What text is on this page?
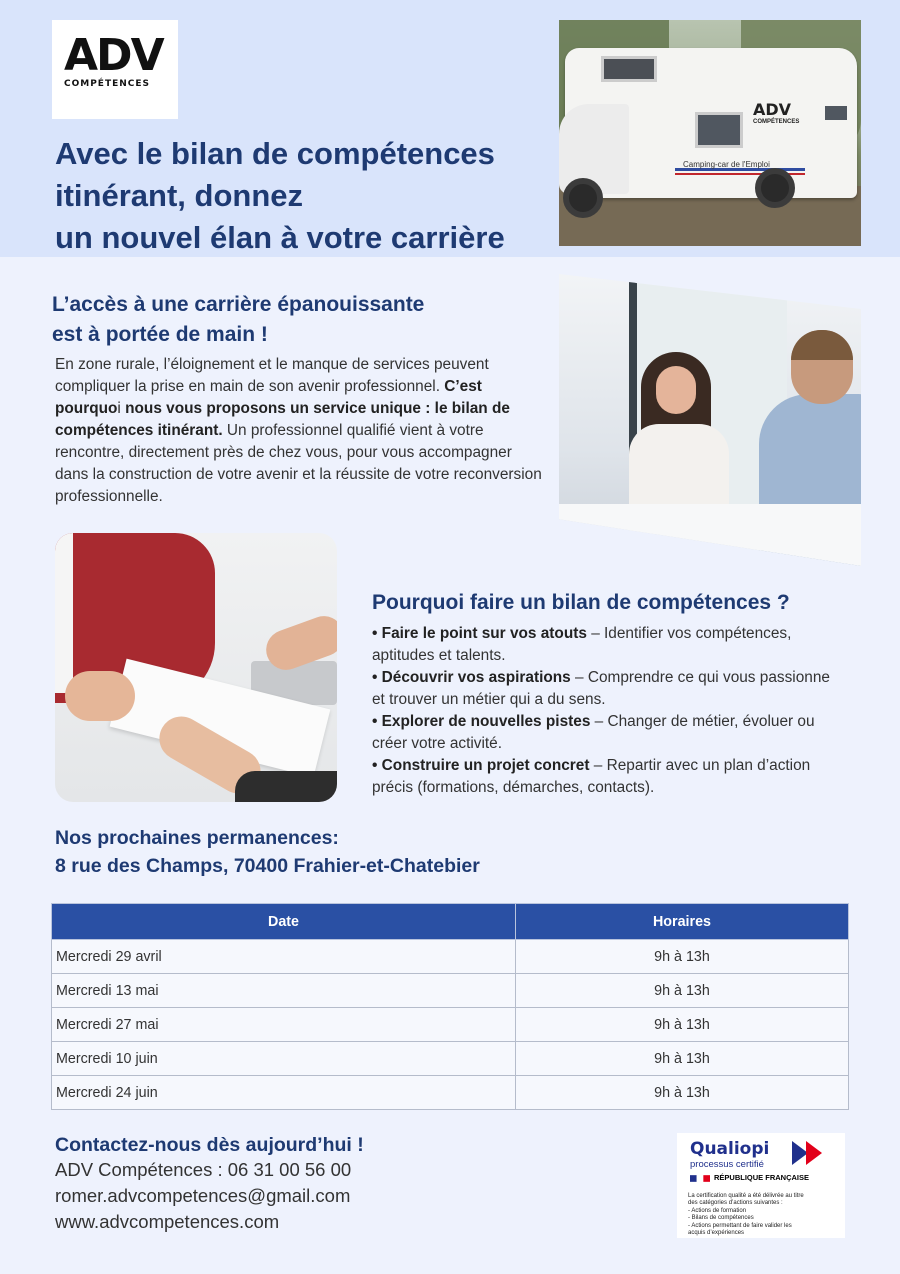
ADV
COMPÉTENCES
Avec le bilan de compétences
itinérant, donnez
un nouvel élan à votre carrière
ADV
COMPÉTENCES
Camping-car de l'Emploi
L’accès à une carrière épanouissante
est à portée de main !

En zone rurale, l’éloignement et le manque de services peuvent compliquer la prise en main de son avenir professionnel. C’est pourquoi nous vous proposons un service unique : le bilan de compétences itinérant. Un professionnel qualifié vient à votre rencontre, directement près de chez vous, pour vous accompagner dans la construction de votre avenir et la réussite de votre reconversion professionnelle.

Pourquoi faire un bilan de compétences ?
• Faire le point sur vos atouts – Identifier vos compétences, aptitudes et talents.
• Découvrir vos aspirations – Comprendre ce qui vous passionne et trouver un métier qui a du sens.
• Explorer de nouvelles pistes – Changer de métier, évoluer ou créer votre activité.
• Construire un projet concret – Repartir avec un plan d’action précis (formations, démarches, contacts).
Nos prochaines permanences:
8 rue des Champs, 70400 Frahier-et-Chatebier
Date	Horaires
Mercredi 29 avril	9h à 13h
Mercredi 13 mai	9h à 13h
Mercredi 27 mai	9h à 13h
Mercredi 10 juin	9h à 13h
Mercredi 24 juin	9h à 13h
Contactez-nous dès aujourd’hui !
ADV Compétences : 06 31 00 56 00
romer.advcompetences@gmail.com
www.advcompetences.com
Qualiopi
processus certifié
RÉPUBLIQUE FRANÇAISE
La certification qualité a été délivrée au titre
des catégories d’actions suivantes :
- Actions de formation
- Bilans de compétences
- Actions permettant de faire valider les
acquis d’expériences
